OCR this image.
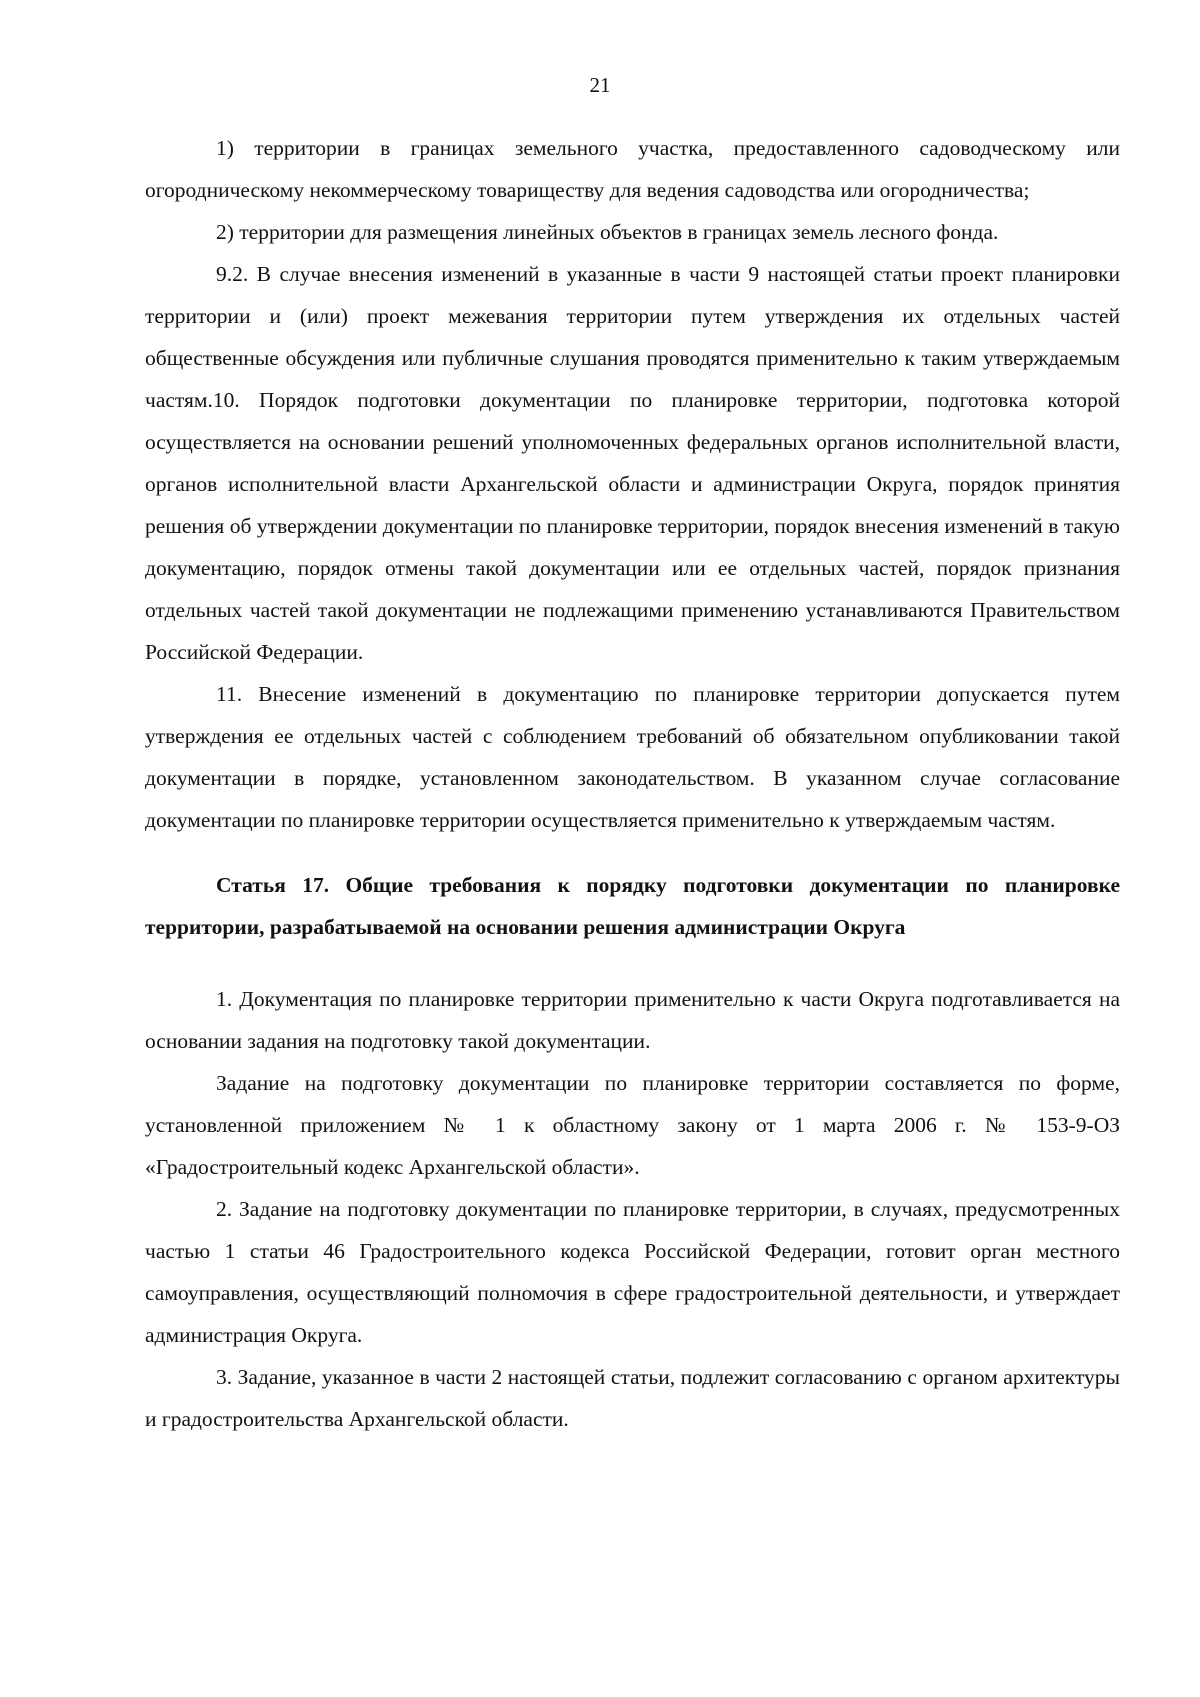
21

1) территории в границах земельного участка, предоставленного садоводческому или огородническому некоммерческому товариществу для ведения садоводства или огородничества;

2) территории для размещения линейных объектов в границах земель лесного фонда.

9.2. В случае внесения изменений в указанные в части 9 настоящей статьи проект планировки территории и (или) проект межевания территории путем утверждения их отдельных частей общественные обсуждения или публичные слушания проводятся применительно к таким утверждаемым частям.10. Порядок подготовки документации по планировке территории, подготовка которой осуществляется на основании решений уполномоченных федеральных органов исполнительной власти, органов исполнительной власти Архангельской области и администрации Округа, порядок принятия решения об утверждении документации по планировке территории, порядок внесения изменений в такую документацию, порядок отмены такой документации или ее отдельных частей, порядок признания отдельных частей такой документации не подлежащими применению устанавливаются Правительством Российской Федерации.

11. Внесение изменений в документацию по планировке территории допускается путем утверждения ее отдельных частей с соблюдением требований об обязательном опубликовании такой документации в порядке, установленном законодательством. В указанном случае согласование документации по планировке территории осуществляется применительно к утверждаемым частям.

Статья 17. Общие требования к порядку подготовки документации по планировке территории, разрабатываемой на основании решения администрации Округа

1. Документация по планировке территории применительно к части Округа подготавливается на основании задания на подготовку такой документации.

Задание на подготовку документации по планировке территории составляется по форме, установленной приложением № 1 к областному закону от 1 марта 2006 г. № 153-9-ОЗ «Градостроительный кодекс Архангельской области».

2. Задание на подготовку документации по планировке территории, в случаях, предусмотренных частью 1 статьи 46 Градостроительного кодекса Российской Федерации, готовит орган местного самоуправления, осуществляющий полномочия в сфере градостроительной деятельности, и утверждает администрация Округа.

3. Задание, указанное в части 2 настоящей статьи, подлежит согласованию с органом архитектуры и градостроительства Архангельской области.
